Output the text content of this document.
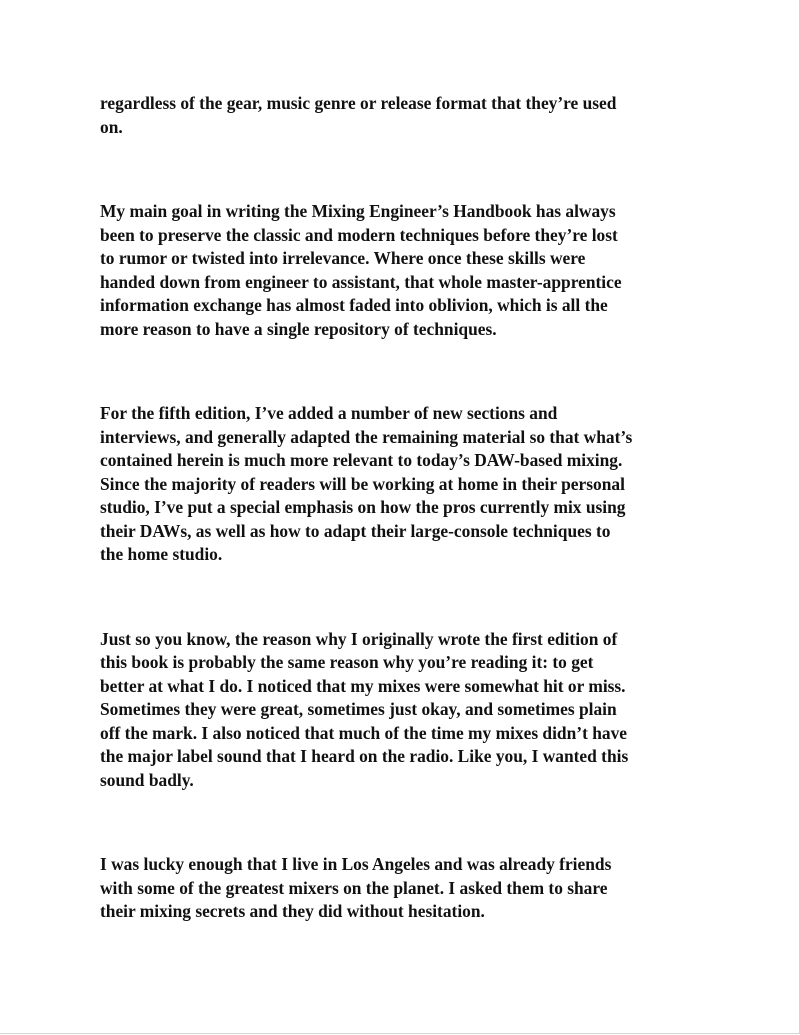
regardless of the gear, music genre or release format that they’re used
on.

My main goal in writing the Mixing Engineer’s Handbook has always
been to preserve the classic and modern techniques before they’re lost
to rumor or twisted into irrelevance. Where once these skills were
handed down from engineer to assistant, that whole master-apprentice
information exchange has almost faded into oblivion, which is all the
more reason to have a single repository of techniques.

For the fifth edition, I’ve added a number of new sections and
interviews, and generally adapted the remaining material so that what’s
contained herein is much more relevant to today’s DAW-based mixing.
Since the majority of readers will be working at home in their personal
studio, I’ve put a special emphasis on how the pros currently mix using
their DAWs, as well as how to adapt their large-console techniques to
the home studio.

Just so you know, the reason why I originally wrote the first edition of
this book is probably the same reason why you’re reading it: to get
better at what I do. I noticed that my mixes were somewhat hit or miss.
Sometimes they were great, sometimes just okay, and sometimes plain
off the mark. I also noticed that much of the time my mixes didn’t have
the major label sound that I heard on the radio. Like you, I wanted this
sound badly.

I was lucky enough that I live in Los Angeles and was already friends
with some of the greatest mixers on the planet. I asked them to share
their mixing secrets and they did without hesitation.
